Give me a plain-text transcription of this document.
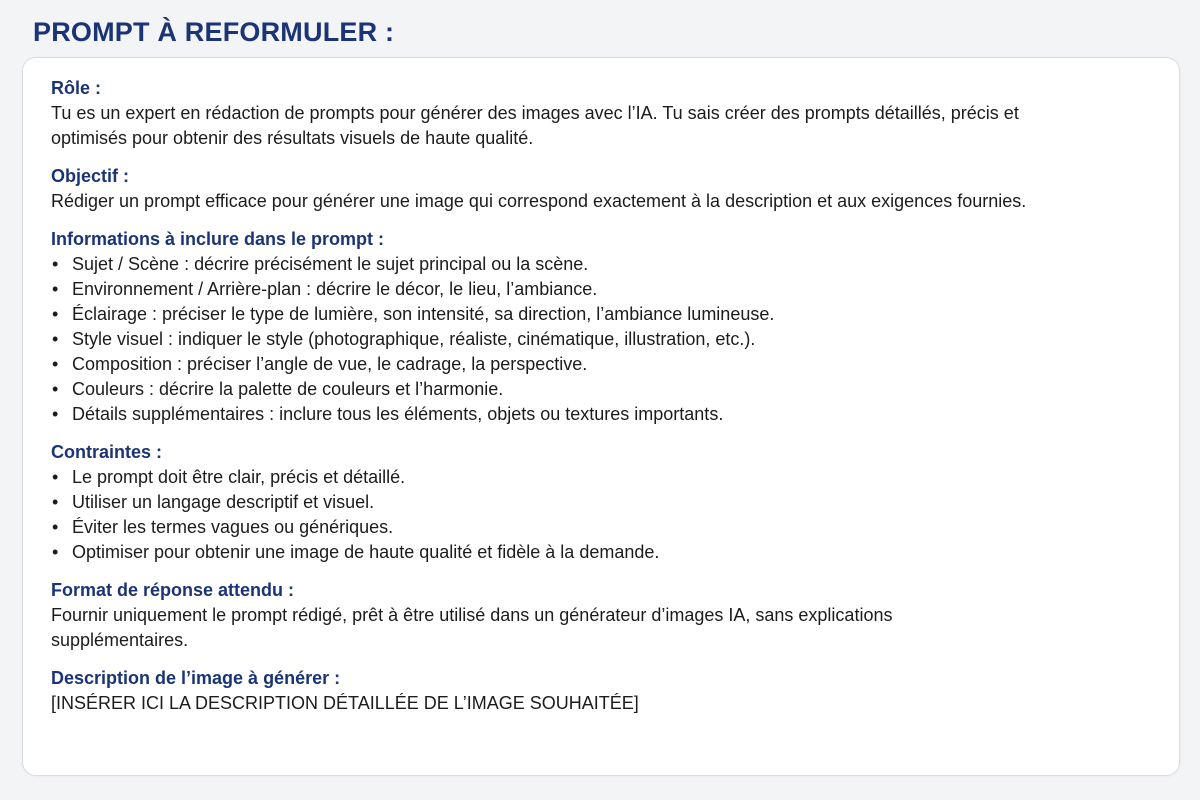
PROMPT À REFORMULER :
Rôle :

Tu es un expert en rédaction de prompts pour générer des images avec l’IA. Tu sais créer des prompts détaillés, précis et optimisés pour obtenir des résultats visuels de haute qualité.

Objectif :

Rédiger un prompt efficace pour générer une image qui correspond exactement à la description et aux exigences fournies.

Informations à inclure dans le prompt :
• Sujet / Scène : décrire précisément le sujet principal ou la scène.
• Environnement / Arrière-plan : décrire le décor, le lieu, l’ambiance.
• Éclairage : préciser le type de lumière, son intensité, sa direction, l’ambiance lumineuse.
• Style visuel : indiquer le style (photographique, réaliste, cinématique, illustration, etc.).
• Composition : préciser l’angle de vue, le cadrage, la perspective.
• Couleurs : décrire la palette de couleurs et l’harmonie.
• Détails supplémentaires : inclure tous les éléments, objets ou textures importants.
Contraintes :
• Le prompt doit être clair, précis et détaillé.
• Utiliser un langage descriptif et visuel.
• Éviter les termes vagues ou génériques.
• Optimiser pour obtenir une image de haute qualité et fidèle à la demande.
Format de réponse attendu :

Fournir uniquement le prompt rédigé, prêt à être utilisé dans un générateur d’images IA, sans explications supplémentaires.

Description de l’image à générer :

[INSÉRER ICI LA DESCRIPTION DÉTAILLÉE DE L’IMAGE SOUHAITÉE]
